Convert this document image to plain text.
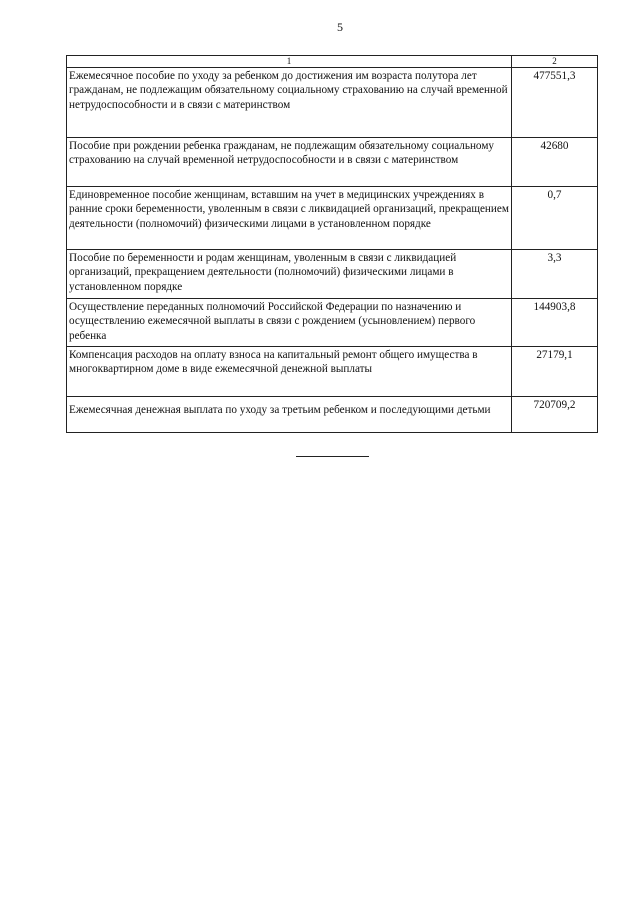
5
1	2
Ежемесячное пособие по уходу за ребенком до достижения им возраста полутора лет гражданам, не подлежащим обязательному социальному страхованию на случай временной нетрудоспособности и в связи с материнством	477551,3
Пособие при рождении ребенка гражданам, не подлежащим обязательному социальному страхованию на случай временной нетрудоспособности и в связи с материнством	42680
Единовременное пособие женщинам, вставшим на учет в медицинских учреждениях в ранние сроки беременности, уволенным в связи с ликвидацией организаций, прекращением деятельности (полномочий) физическими лицами в установленном порядке	0,7
Пособие по беременности и родам женщинам, уволенным в связи с ликвидацией организаций, прекращением деятельности (полномочий) физическими лицами в установленном порядке	3,3
Осуществление переданных полномочий Российской Федерации по назначению и осуществлению ежемесячной выплаты в связи с рождением (усыновлением) первого ребенка	144903,8
Компенсация расходов на оплату взноса на капитальный ремонт общего имущества в многоквартирном доме в виде ежемесячной денежной выплаты	27179,1
Ежемесячная денежная выплата по уходу за третьим ребенком и последующими детьми	720709,2
